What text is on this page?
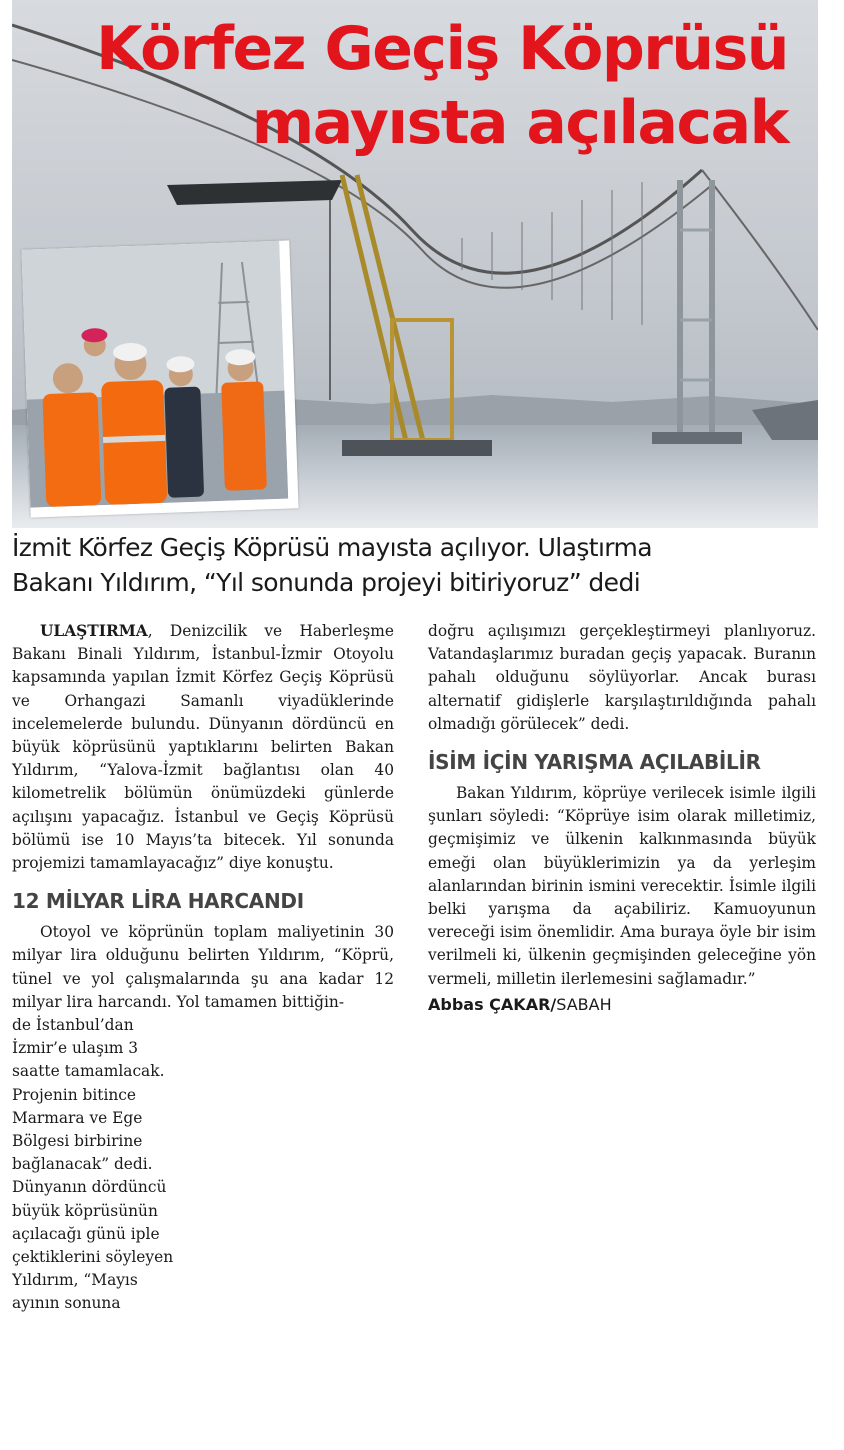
Körfez Geçiş Köprüsü
mayısta açılacak
İzmit Körfez Geçiş Köprüsü mayısta açılıyor. Ulaştırma
Bakanı Yıldırım, “Yıl sonunda projeyi bitiriyoruz” dedi

ULAŞTIRMA, Denizcilik ve Haberleşme Bakanı Binali Yıldırım, İstanbul-İzmir Otoyolu kapsamında yapılan İzmit Körfez Geçiş Köprüsü ve Orhangazi Samanlı viyadüklerinde incelemelerde bulundu. Dünyanın dördüncü en büyük köprüsünü yaptıklarını belirten Bakan Yıldırım, “Yalova-İzmit bağlantısı olan 40 kilometrelik bölümün önümüzdeki günlerde açılışını yapacağız. İstanbul ve Geçiş Köprüsü bölümü ise 10 Mayıs’ta bitecek. Yıl sonunda projemizi tamamlayacağız” diye konuştu.

12 MİLYAR LİRA HARCANDI

Otoyol ve köprünün toplam maliyetinin 30 milyar lira olduğunu belirten Yıldırım, “Köprü, tünel ve yol çalışmalarında şu ana kadar 12 milyar lira harcandı. Yol tamamen bittiğin-

de İstanbul’dan İzmir’e ulaşım 3 saatte tamamlacak. Projenin bitince Marmara ve Ege Bölgesi birbirine bağlanacak” dedi. Dünyanın dördüncü büyük köprüsünün açılacağı günü iple çektiklerini söyleyen Yıldırım, “Mayıs ayının sonuna

doğru açılışımızı gerçekleştirmeyi planlıyoruz. Vatandaşlarımız buradan geçiş yapacak. Buranın pahalı olduğunu söylüyorlar. Ancak burası alternatif gidişlerle karşılaştırıldığında pahalı olmadığı görülecek” dedi.

İSİM İÇİN YARIŞMA AÇILABİLİR

Bakan Yıldırım, köprüye verilecek isimle ilgili şunları söyledi: “Köprüye isim olarak milletimiz, geçmişimiz ve ülkenin kalkınmasında büyük emeği olan büyüklerimizin ya da yerleşim alanlarından birinin ismini verecektir. İsimle ilgili belki yarışma da açabiliriz. Kamuoyunun vereceği isim önemlidir. Ama buraya öyle bir isim verilmeli ki, ülkenin geçmişinden geleceğine yön vermeli, milletin ilerlemesini sağlamadır.”

Abbas ÇAKAR/SABAH
